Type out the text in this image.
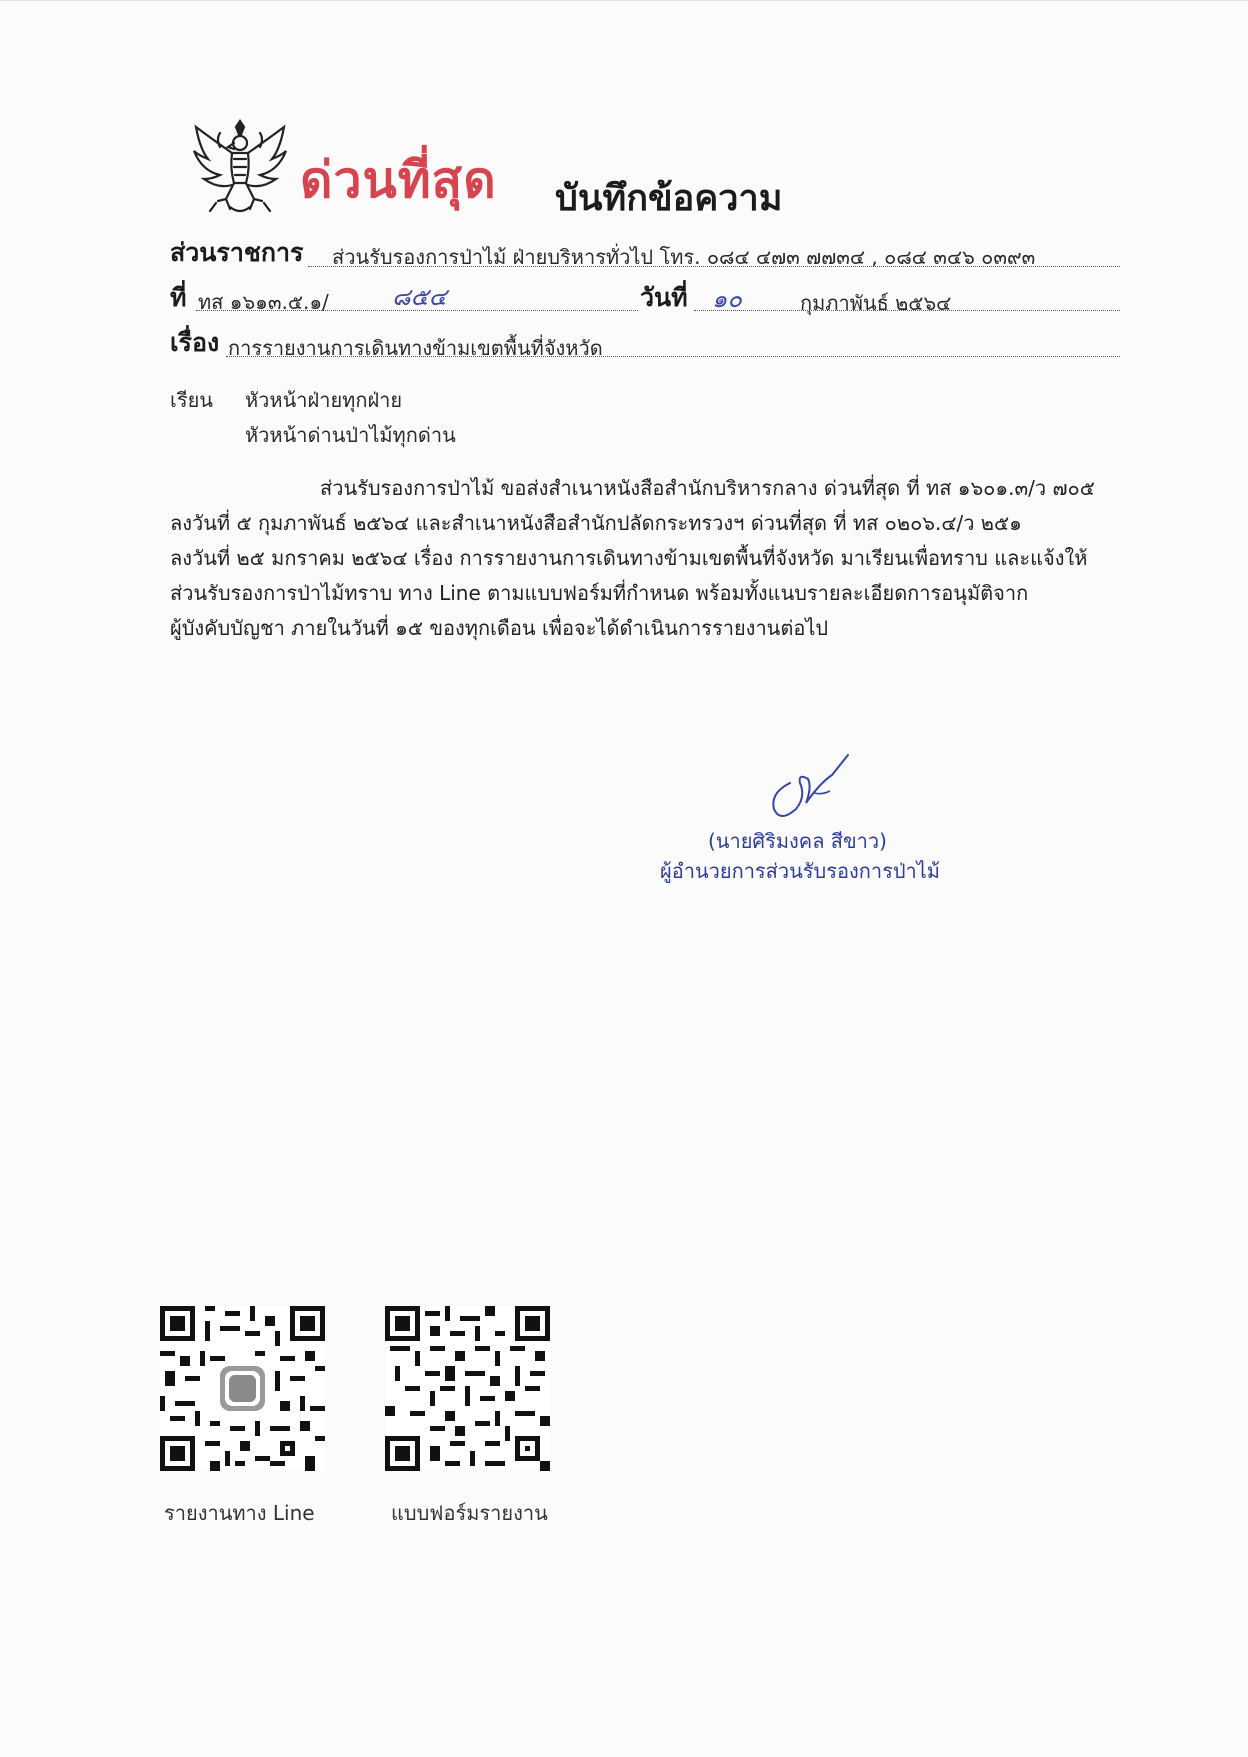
ด่วนที่สุด บันทึกข้อความ
ส่วนราชการ ส่วนรับรองการป่าไม้ ฝ่ายบริหารทั่วไป โทร. ๐๘๔ ๔๗๓ ๗๗๓๔ , ๐๘๔ ๓๔๖ ๐๓๙๓
ที่ ทส ๑๖๑๓.๕.๑/	๘๕๔	วันที่ ๑๐	กุมภาพันธ์ ๒๕๖๔
เรื่อง การรายงานการเดินทางข้ามเขตพื้นที่จังหวัด
เรียน หัวหน้าฝ่ายทุกฝ่าย
หัวหน้าด่านป่าไม้ทุกด่าน
ส่วนรับรองการป่าไม้ ขอส่งสำเนาหนังสือสำนักบริหารกลาง ด่วนที่สุด ที่ ทส ๑๖๐๑.๓/ว ๗๐๕
ลงวันที่ ๕ กุมภาพันธ์ ๒๕๖๔ และสำเนาหนังสือสำนักปลัดกระทรวงฯ ด่วนที่สุด ที่ ทส ๐๒๐๖.๔/ว ๒๕๑
ลงวันที่ ๒๕ มกราคม ๒๕๖๔ เรื่อง การรายงานการเดินทางข้ามเขตพื้นที่จังหวัด มาเรียนเพื่อทราบ และแจ้งให้
ส่วนรับรองการป่าไม้ทราบ ทาง Line ตามแบบฟอร์มที่กำหนด พร้อมทั้งแนบรายละเอียดการอนุมัติจาก
ผู้บังคับบัญชา ภายในวันที่ ๑๕ ของทุกเดือน เพื่อจะได้ดำเนินการรายงานต่อไป
(นายศิริมงคล สีขาว)
ผู้อำนวยการส่วนรับรองการป่าไม้
รายงานทาง Line	แบบฟอร์มรายงาน
